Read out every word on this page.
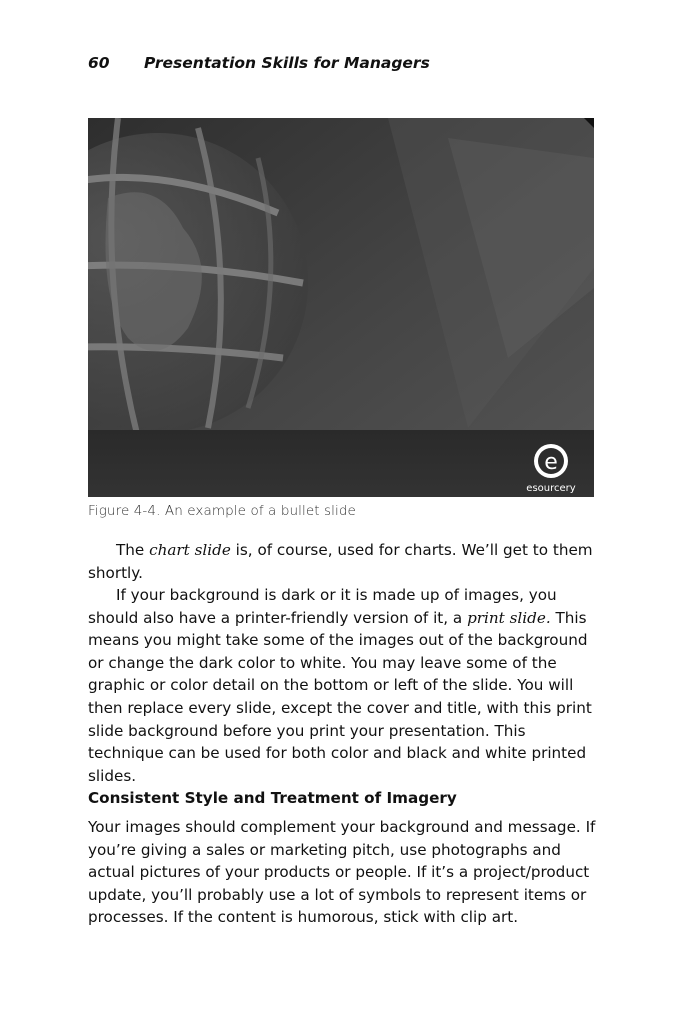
60 Presentation Skills for Managers
e
esourcery
Figure 4-4. An example of a bullet slide

The chart slide is, of course, used for charts. We’ll get to them shortly.

If your background is dark or it is made up of images, you should also have a printer-friendly version of it, a print slide. This means you might take some of the images out of the background or change the dark color to white. You may leave some of the graphic or color detail on the bottom or left of the slide. You will then replace every slide, except the cover and title, with this print slide background before you print your presentation. This technique can be used for both color and black and white printed slides.

Consistent Style and Treatment of Imagery

Your images should complement your background and message. If you’re giving a sales or marketing pitch, use photographs and actual pictures of your products or people. If it’s a project/product update, you’ll probably use a lot of symbols to represent items or processes. If the content is humorous, stick with clip art.
